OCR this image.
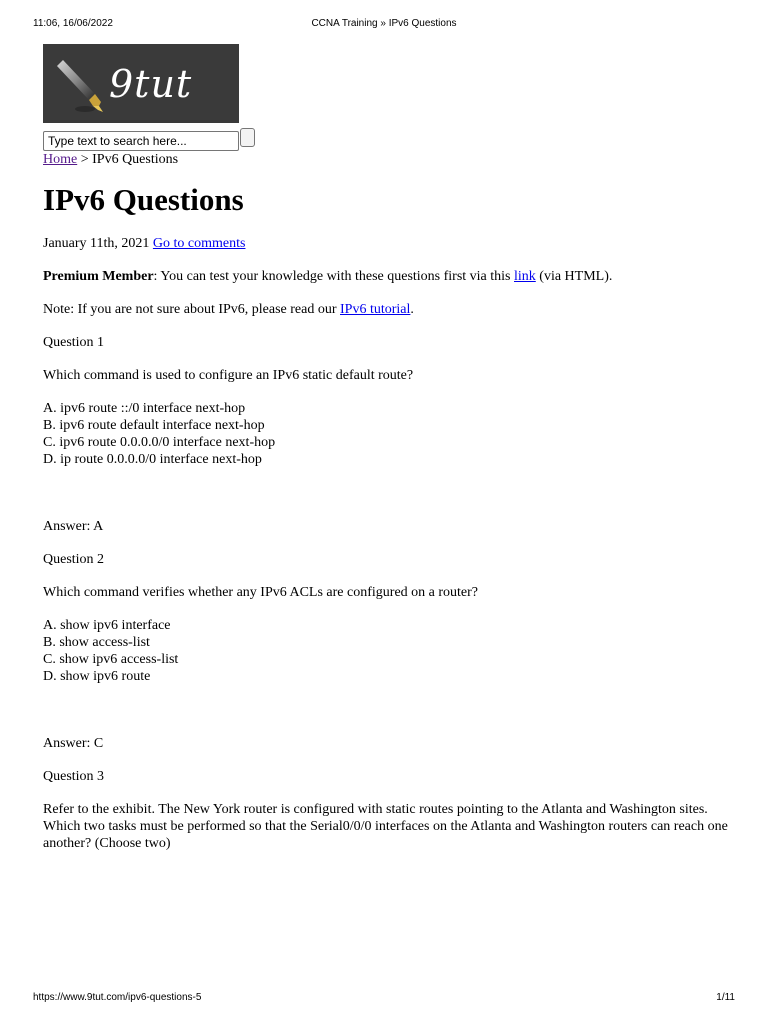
11:06, 16/06/2022	CCNA Training » IPv6 Questions
9tut
Type text to search here...
Home > IPv6 Questions
IPv6 Questions

January 11th, 2021 Go to comments

Premium Member: You can test your knowledge with these questions first via this link (via HTML).

Note: If you are not sure about IPv6, please read our IPv6 tutorial.

Question 1

Which command is used to configure an IPv6 static default route?

A. ipv6 route ::/0 interface next-hop
B. ipv6 route default interface next-hop
C. ipv6 route 0.0.0.0/0 interface next-hop
D. ip route 0.0.0.0/0 interface next-hop

Answer: A

Question 2

Which command verifies whether any IPv6 ACLs are configured on a router?

A. show ipv6 interface
B. show access-list
C. show ipv6 access-list
D. show ipv6 route

Answer: C

Question 3

Refer to the exhibit. The New York router is configured with static routes pointing to the Atlanta and Washington sites. Which two tasks must be performed so that the Serial0/0/0 interfaces on the Atlanta and Washington routers can reach one another? (Choose two)

https://www.9tut.com/ipv6-questions-5	1/11
